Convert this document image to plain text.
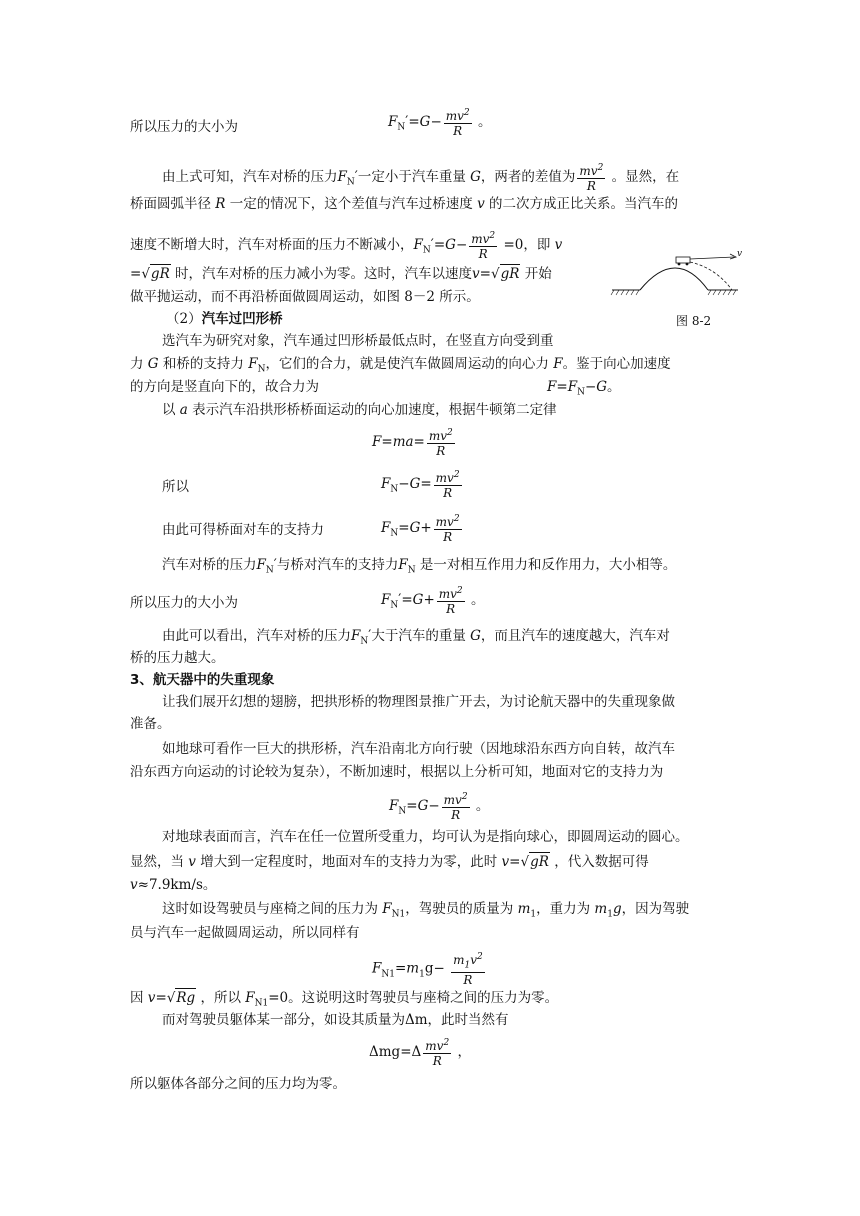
所以压力的大小为	$F_N'=G- \frac{mv^2}{R}$ 。
由上式可知，汽车对桥的压力$F_N'$一定小于汽车重量 G，两者的差值为 $\frac{mv^2}{R}$ 。显然，在
桥面圆弧半径 R 一定的情况下，这个差值与汽车过桥速度 v 的二次方成正比关系。当汽车的
速度不断增大时，汽车对桥面的压力不断减小，$F_N'=G- \frac{mv^2}{R} =0$，即 v
=√gR 时，汽车对桥的压力减小为零。这时，汽车以速度v=√gR 开始
做平抛运动，而不再沿桥面做圆周运动，如图 8－2 所示。
v
图 8-2
（2）汽车过凹形桥
选汽车为研究对象，汽车通过凹形桥最低点时，在竖直方向受到重
力 G 和桥的支持力 $F_N$，它们的合力，就是使汽车做圆周运动的向心力 F。鉴于向心加速度
的方向是竖直向下的，故合力为	$F=F_N-G$。
以 a 表示汽车沿拱形桥桥面运动的向心加速度，根据牛顿第二定律
$F=ma= \frac{mv^2}{R}$
所以	$F_N-G= \frac{mv^2}{R}$
由此可得桥面对车的支持力	$F_N=G+ \frac{mv^2}{R}$
汽车对桥的压力$F_N'$与桥对汽车的支持力$F_N$ 是一对相互作用力和反作用力，大小相等。
所以压力的大小为	$F_N'=G+ \frac{mv^2}{R}$ 。
由此可以看出，汽车对桥的压力$F_N'$大于汽车的重量 G，而且汽车的速度越大，汽车对
桥的压力越大。
3、航天器中的失重现象
让我们展开幻想的翅膀，把拱形桥的物理图景推广开去，为讨论航天器中的失重现象做
准备。
如地球可看作一巨大的拱形桥，汽车沿南北方向行驶（因地球沿东西方向自转，故汽车
沿东西方向运动的讨论较为复杂），不断加速时，根据以上分析可知，地面对它的支持力为
$F_N=G- \frac{mv^2}{R}$ 。
对地球表面而言，汽车在任一位置所受重力，均可认为是指向球心，即圆周运动的圆心。
显然，当 v 增大到一定程度时，地面对车的支持力为零，此时 v=√gR ，代入数据可得
v≈7.9km/s。
这时如设驾驶员与座椅之间的压力为 $F_{N1}$，驾驶员的质量为 $m_1$，重力为 $m_1g$，因为驾驶
员与汽车一起做圆周运动，所以同样有
$F_{N1}=m_1g- \frac{m_1v^2}{R}$
因 v=√Rg ，所以 $F_{N1}=0$。这说明这时驾驶员与座椅之间的压力为零。
而对驾驶员躯体某一部分，如设其质量为Δm，此时当然有
$\Delta mg=\Delta \frac{mv^2}{R}$ ，
所以躯体各部分之间的压力均为零。
